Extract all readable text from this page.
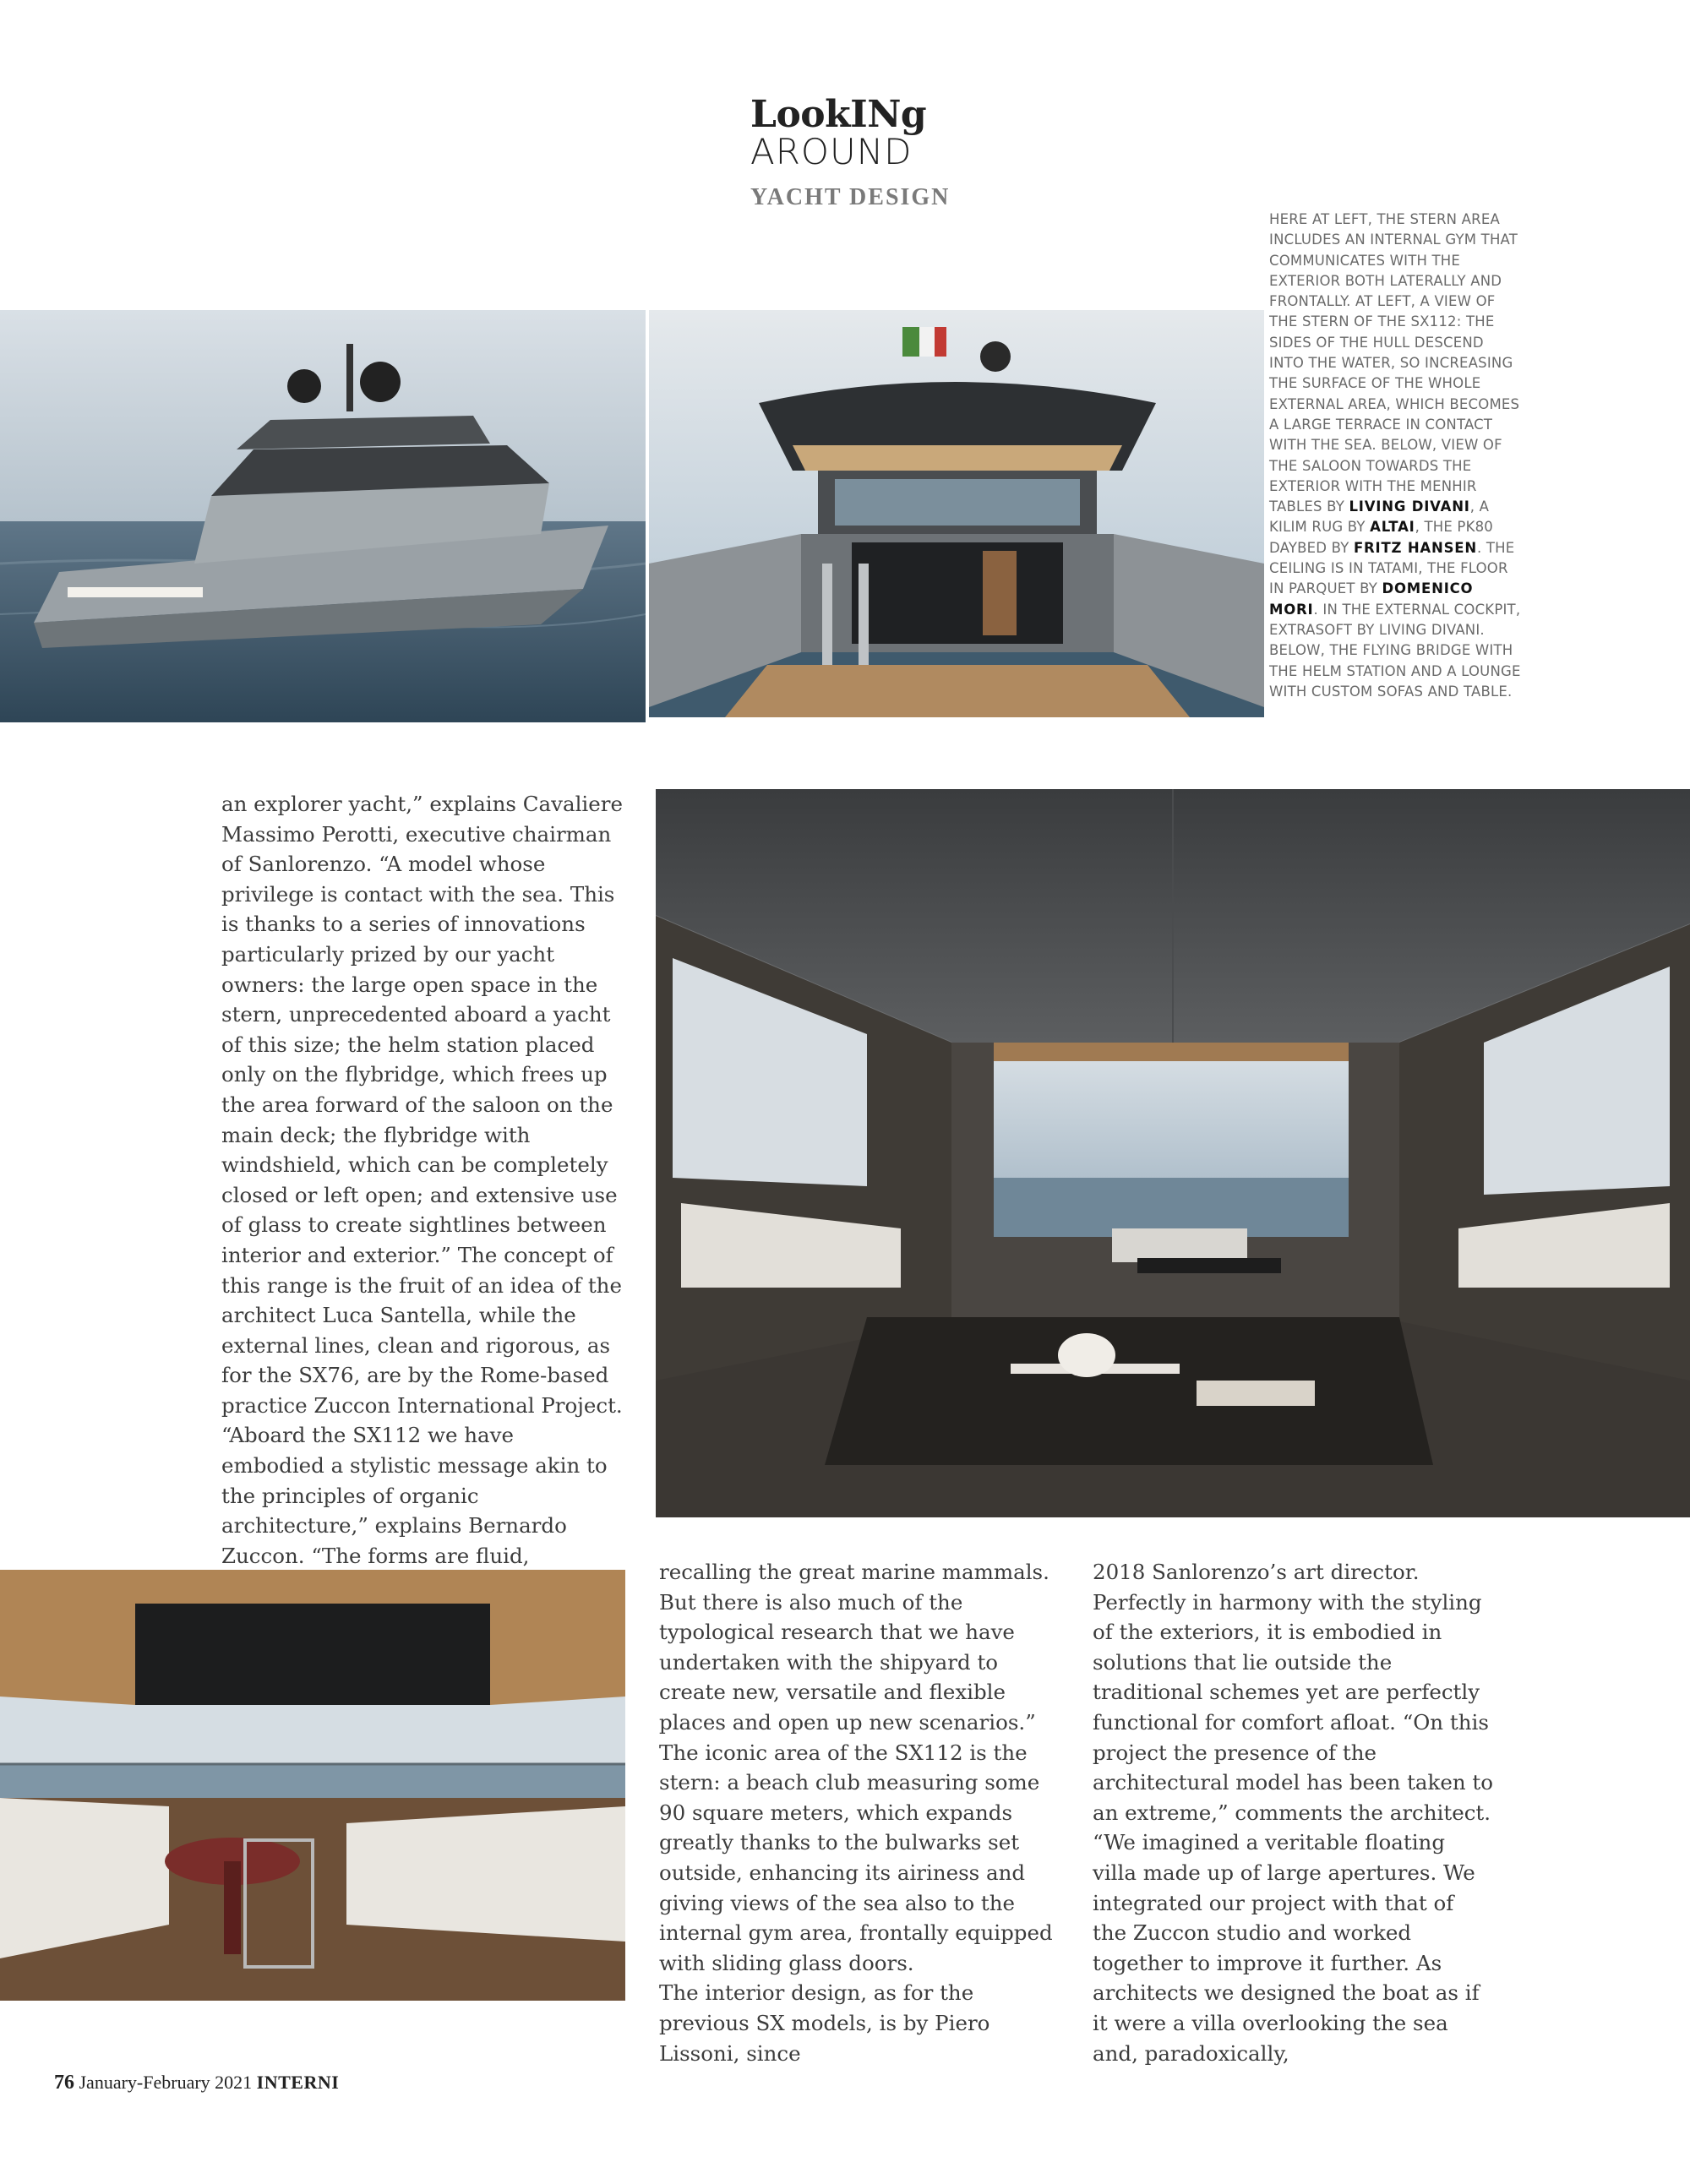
LookINg
AROUND
YACHT DESIGN
HERE AT LEFT, THE STERN AREA INCLUDES AN INTERNAL GYM THAT COMMUNICATES WITH THE EXTERIOR BOTH LATERALLY AND FRONTALLY. AT LEFT, A VIEW OF THE STERN OF THE SX112: THE SIDES OF THE HULL DESCEND INTO THE WATER, SO INCREASING THE SURFACE OF THE WHOLE EXTERNAL AREA, WHICH BECOMES A LARGE TERRACE IN CONTACT WITH THE SEA. BELOW, VIEW OF THE SALOON TOWARDS THE EXTERIOR WITH THE MENHIR TABLES BY LIVING DIVANI, A KILIM RUG BY ALTAI, THE PK80 DAYBED BY FRITZ HANSEN. THE CEILING IS IN TATAMI, THE FLOOR IN PARQUET BY DOMENICO MORI. IN THE EXTERNAL COCKPIT, EXTRASOFT BY LIVING DIVANI. BELOW, THE FLYING BRIDGE WITH THE HELM STATION AND A LOUNGE WITH CUSTOM SOFAS AND TABLE.

an explorer yacht,” explains Cavaliere Massimo Perotti, executive chairman of Sanlorenzo. “A model whose privilege is contact with the sea. This is thanks to a series of innovations particularly prized by our yacht owners: the large open space in the stern, unprecedented aboard a yacht of this size; the helm station placed only on the flybridge, which frees up the area forward of the saloon on the main deck; the flybridge with windshield, which can be completely closed or left open; and extensive use of glass to create sightlines between interior and exterior.” The concept of this range is the fruit of an idea of the architect Luca Santella, while the external lines, clean and rigorous, as for the SX76, are by the Rome-based practice Zuccon International Project.

“Aboard the SX112 we have embodied a stylistic message akin to the principles of organic architecture,” explains Bernardo Zuccon. “The forms are fluid,

recalling the great marine mammals. But there is also much of the typological research that we have undertaken with the shipyard to create new, versatile and flexible places and open up new scenarios.” The iconic area of the SX112 is the stern: a beach club measuring some 90 square meters, which expands greatly thanks to the bulwarks set outside, enhancing its airiness and giving views of the sea also to the internal gym area, frontally equipped with sliding glass doors.

The interior design, as for the previous SX models, is by Piero Lissoni, since

2018 Sanlorenzo’s art director. Perfectly in harmony with the styling of the exteriors, it is embodied in solutions that lie outside the traditional schemes yet are perfectly functional for comfort afloat. “On this project the presence of the architectural model has been taken to an extreme,” comments the architect. “We imagined a veritable floating villa made up of large apertures. We integrated our project with that of the Zuccon studio and worked together to improve it further. As architects we designed the boat as if it were a villa overlooking the sea and, paradoxically,

76 January-February 2021 INTERNI
